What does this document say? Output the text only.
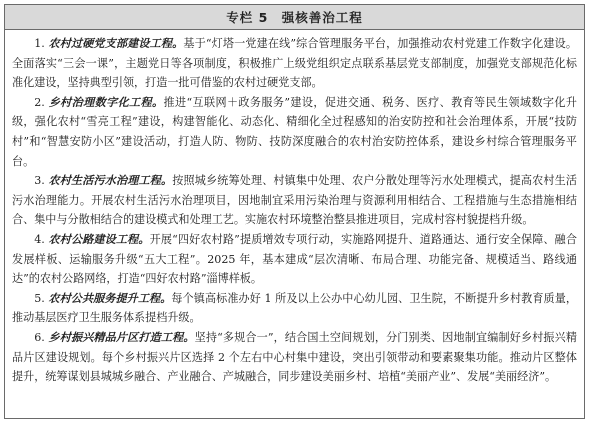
专栏 5　强核善治工程

1. 农村过硬党支部建设工程。基于“灯塔一党建在线”综合管理服务平台，加强推动农村党建工作数字化建设。全面落实“三会一课”，主题党日等各项制度，积极推广上级党组织定点联系基层党支部制度，加强党支部规范化标准化建设，坚持典型引领，打造一批可借鉴的农村过硬党支部。

2. 乡村治理数字化工程。推进“互联网＋政务服务”建设，促进交通、税务、医疗、教育等民生领域数字化升级，强化农村“雪亮工程”建设，构建智能化、动态化、精细化全过程感知的治安防控和社会治理体系，开展“技防村”和“智慧安防小区”建设活动，打造人防、物防、技防深度融合的农村治安防控体系，建设乡村综合管理服务平台。

3. 农村生活污水治理工程。按照城乡统筹处理、村镇集中处理、农户分散处理等污水处理模式，提高农村生活污水治理能力。开展农村生活污水治理项目，因地制宜采用污染治理与资源利用相结合、工程措施与生态措施相结合、集中与分散相结合的建设模式和处理工艺。实施农村环境整治整县推进项目，完成村容村貌提档升级。

4. 农村公路建设工程。开展“四好农村路”提质增效专项行动，实施路网提升、道路通达、通行安全保障、融合发展样板、运输服务升级“五大工程”。2025 年，基本建成“层次清晰、布局合理、功能完备、规模适当、路线通达”的农村公路网络，打造“四好农村路”淄博样板。

5. 农村公共服务提升工程。每个镇高标准办好 1 所及以上公办中心幼儿园、卫生院，不断提升乡村教育质量，推动基层医疗卫生服务体系提档升级。

6. 乡村振兴精品片区打造工程。坚持“多规合一”，结合国土空间规划，分门别类、因地制宜编制好乡村振兴精品片区建设规划。每个乡村振兴片区选择 2 个左右中心村集中建设，突出引领带动和要素聚集功能。推动片区整体提升，统筹谋划县城城乡融合、产业融合、产城融合，同步建设美丽乡村、培植“美丽产业”、发展“美丽经济”。
